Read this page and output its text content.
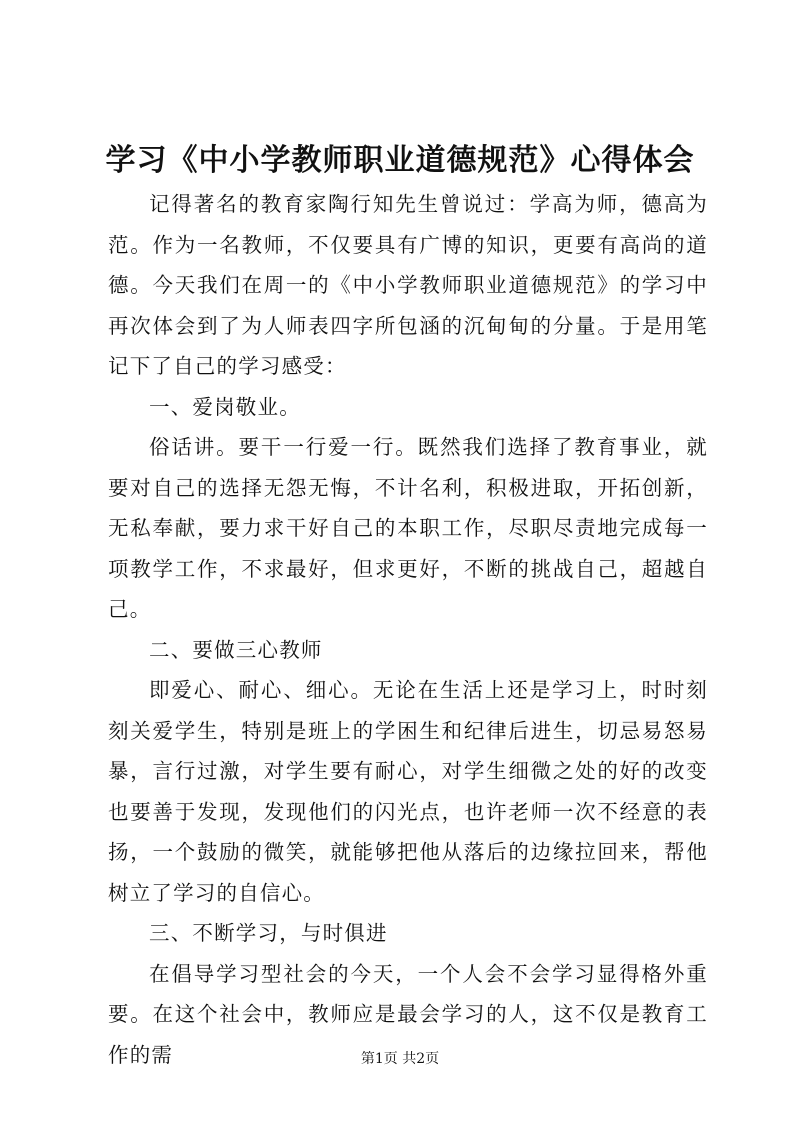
学习《中小学教师职业道德规范》心得体会

记得著名的教育家陶行知先生曾说过：学高为师，德高为范。作为一名教师，不仅要具有广博的知识，更要有高尚的道德。今天我们在周一的《中小学教师职业道德规范》的学习中再次体会到了为人师表四字所包涵的沉甸甸的分量。于是用笔记下了自己的学习感受：

一、爱岗敬业。

俗话讲。要干一行爱一行。既然我们选择了教育事业，就要对自己的选择无怨无悔，不计名利，积极进取，开拓创新，无私奉献，要力求干好自己的本职工作，尽职尽责地完成每一项教学工作，不求最好，但求更好，不断的挑战自己，超越自己。

二、要做三心教师

即爱心、耐心、细心。无论在生活上还是学习上，时时刻刻关爱学生，特别是班上的学困生和纪律后进生，切忌易怒易暴，言行过激，对学生要有耐心，对学生细微之处的好的改变也要善于发现，发现他们的闪光点，也许老师一次不经意的表扬，一个鼓励的微笑，就能够把他从落后的边缘拉回来，帮他树立了学习的自信心。

三、不断学习，与时俱进

在倡导学习型社会的今天，一个人会不会学习显得格外重要。在这个社会中，教师应是最会学习的人，这不仅是教育工作的需	第1页 共2页
